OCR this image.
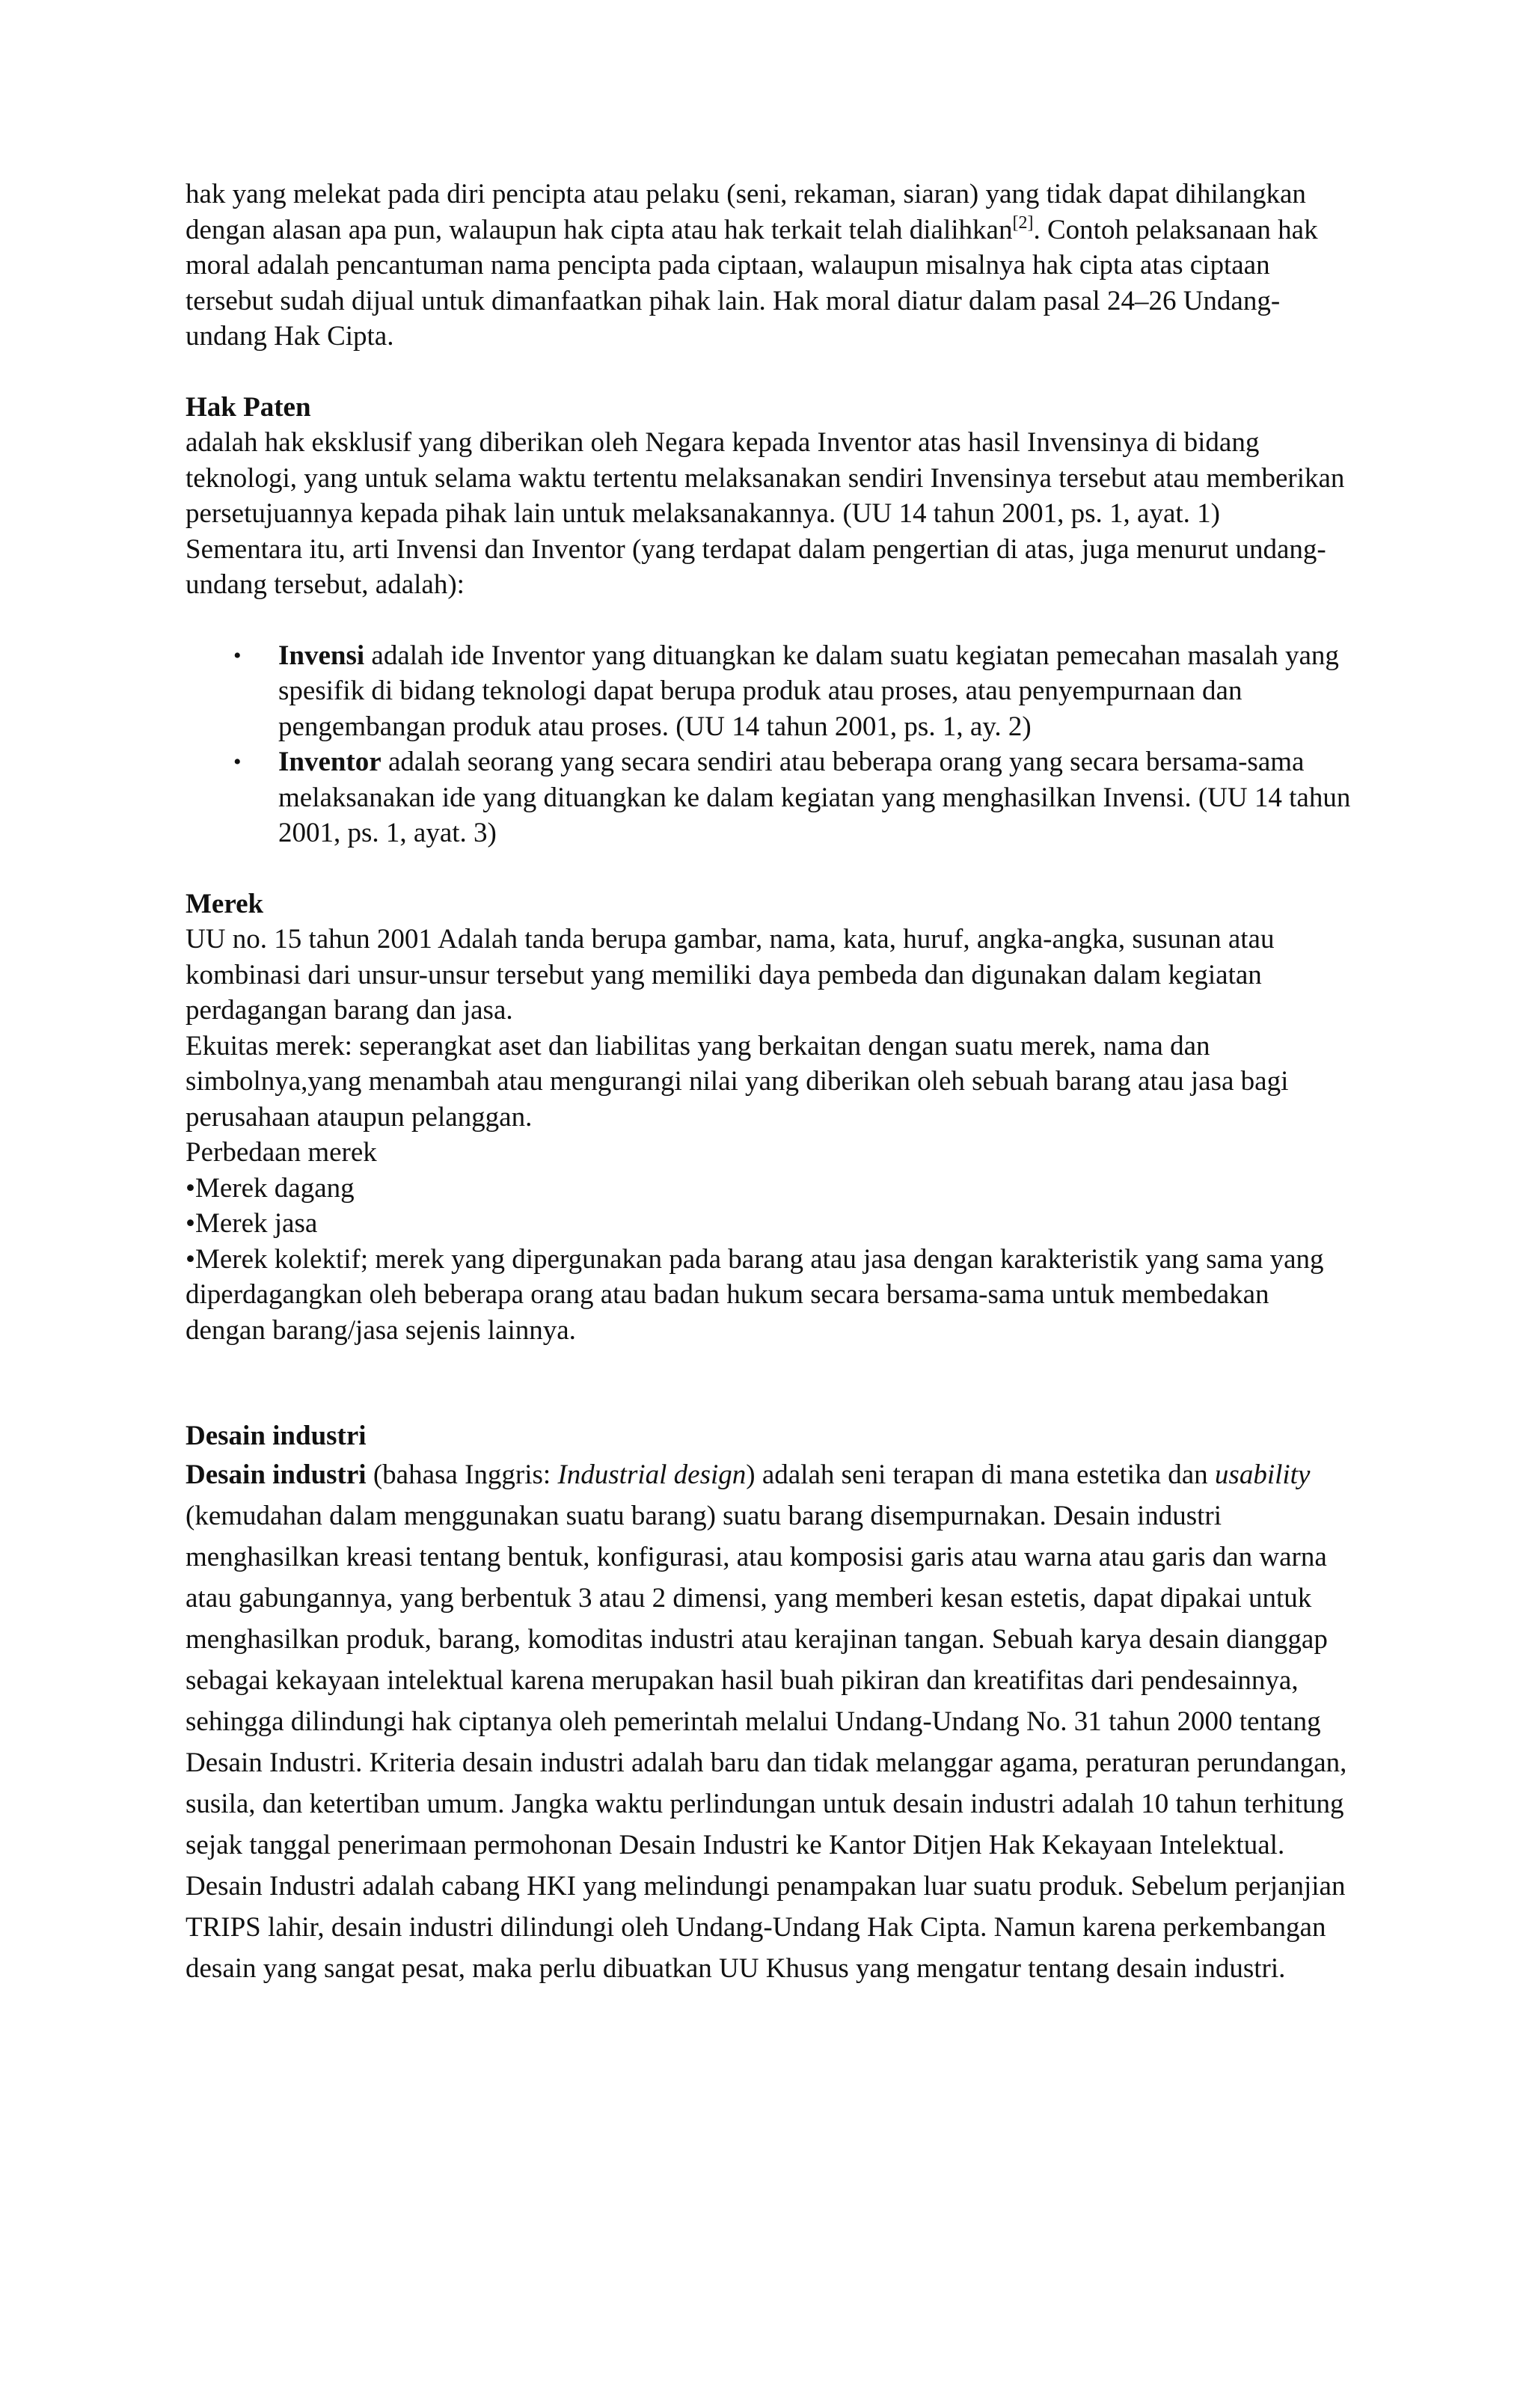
hak yang melekat pada diri pencipta atau pelaku (seni, rekaman, siaran) yang tidak dapat dihilangkan dengan alasan apa pun, walaupun hak cipta atau hak terkait telah dialihkan[2]. Contoh pelaksanaan hak moral adalah pencantuman nama pencipta pada ciptaan, walaupun misalnya hak cipta atas ciptaan tersebut sudah dijual untuk dimanfaatkan pihak lain. Hak moral diatur dalam pasal 24–26 Undang-undang Hak Cipta.

Hak Paten

adalah hak eksklusif yang diberikan oleh Negara kepada Inventor atas hasil Invensinya di bidang teknologi, yang untuk selama waktu tertentu melaksanakan sendiri Invensinya tersebut atau memberikan persetujuannya kepada pihak lain untuk melaksanakannya. (UU 14 tahun 2001, ps. 1, ayat. 1)

Sementara itu, arti Invensi dan Inventor (yang terdapat dalam pengertian di atas, juga menurut undang-undang tersebut, adalah):

• Invensi adalah ide Inventor yang dituangkan ke dalam suatu kegiatan pemecahan masalah yang spesifik di bidang teknologi dapat berupa produk atau proses, atau penyempurnaan dan pengembangan produk atau proses. (UU 14 tahun 2001, ps. 1, ay. 2)
• Inventor adalah seorang yang secara sendiri atau beberapa orang yang secara bersama-sama melaksanakan ide yang dituangkan ke dalam kegiatan yang menghasilkan Invensi. (UU 14 tahun 2001, ps. 1, ayat. 3)

Merek

UU no. 15 tahun 2001 Adalah tanda berupa gambar, nama, kata, huruf, angka-angka, susunan atau kombinasi dari unsur-unsur tersebut yang memiliki daya pembeda dan digunakan dalam kegiatan perdagangan barang dan jasa.

Ekuitas merek: seperangkat aset dan liabilitas yang berkaitan dengan suatu merek, nama dan simbolnya,yang menambah atau mengurangi nilai yang diberikan oleh sebuah barang atau jasa bagi perusahaan ataupun pelanggan.

Perbedaan merek

•Merek dagang

•Merek jasa

•Merek kolektif; merek yang dipergunakan pada barang atau jasa dengan karakteristik yang sama yang diperdagangkan oleh beberapa orang atau badan hukum secara bersama-sama untuk membedakan dengan barang/jasa sejenis lainnya.

Desain industri

Desain industri (bahasa Inggris: Industrial design) adalah seni terapan di mana estetika dan usability (kemudahan dalam menggunakan suatu barang) suatu barang disempurnakan. Desain industri menghasilkan kreasi tentang bentuk, konfigurasi, atau komposisi garis atau warna atau garis dan warna atau gabungannya, yang berbentuk 3 atau 2 dimensi, yang memberi kesan estetis, dapat dipakai untuk menghasilkan produk, barang, komoditas industri atau kerajinan tangan. Sebuah karya desain dianggap sebagai kekayaan intelektual karena merupakan hasil buah pikiran dan kreatifitas dari pendesainnya, sehingga dilindungi hak ciptanya oleh pemerintah melalui Undang-Undang No. 31 tahun 2000 tentang Desain Industri. Kriteria desain industri adalah baru dan tidak melanggar agama, peraturan perundangan, susila, dan ketertiban umum. Jangka waktu perlindungan untuk desain industri adalah 10 tahun terhitung sejak tanggal penerimaan permohonan Desain Industri ke Kantor Ditjen Hak Kekayaan Intelektual.

Desain Industri adalah cabang HKI yang melindungi penampakan luar suatu produk. Sebelum perjanjian TRIPS lahir, desain industri dilindungi oleh Undang-Undang Hak Cipta. Namun karena perkembangan desain yang sangat pesat, maka perlu dibuatkan UU Khusus yang mengatur tentang desain industri.
